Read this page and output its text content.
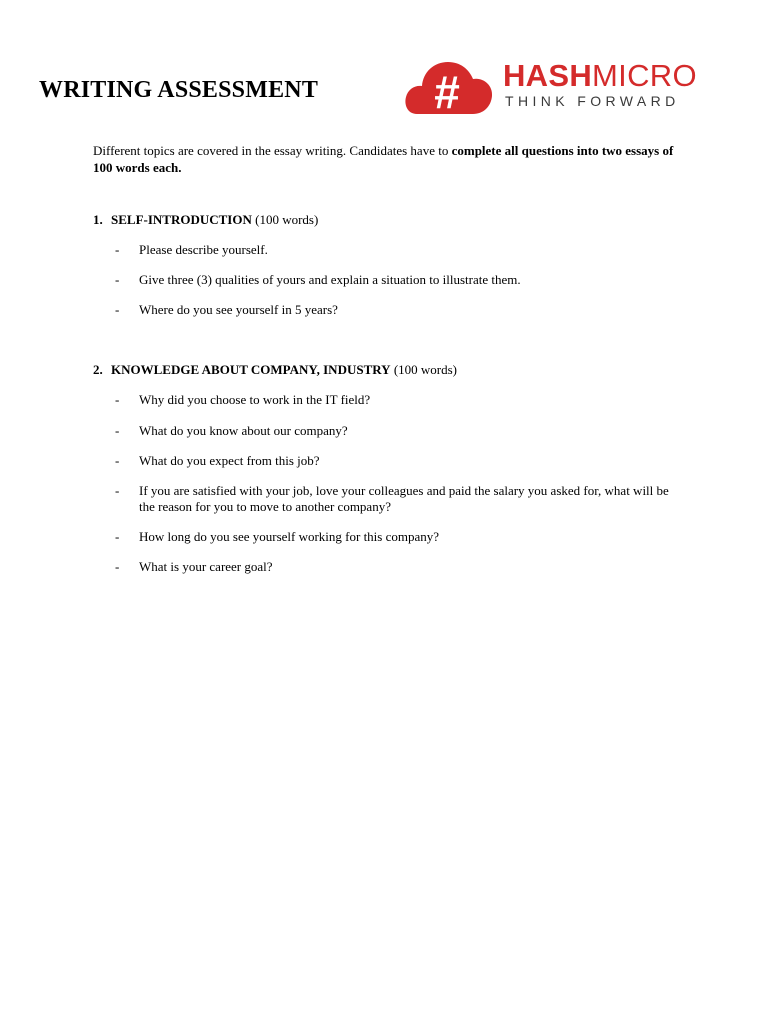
WRITING ASSESSMENT	# HASHMICRO
THINK FORWARD

Different topics are covered in the essay writing. Candidates have to complete all questions into two essays of 100 words each.

1. SELF-INTRODUCTION (100 words)
-	Please describe yourself.
-	Give three (3) qualities of yours and explain a situation to illustrate them.
-	Where do you see yourself in 5 years?
2. KNOWLEDGE ABOUT COMPANY, INDUSTRY (100 words)
-	Why did you choose to work in the IT field?
-	What do you know about our company?
-	What do you expect from this job?
-	If you are satisfied with your job, love your colleagues and paid the salary you asked for, what will be the reason for you to move to another company?
-	How long do you see yourself working for this company?
-	What is your career goal?
